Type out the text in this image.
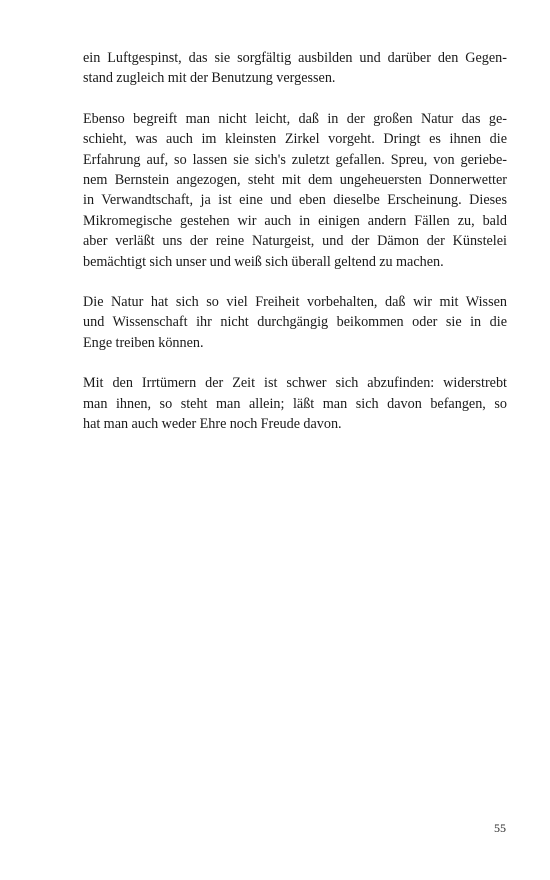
ein Luftgespinst, das sie sorgfältig ausbilden und darüber den Gegen-
stand zugleich mit der Benutzung vergessen.
Ebenso begreift man nicht leicht, daß in der großen Natur das ge-
schieht, was auch im kleinsten Zirkel vorgeht. Dringt es ihnen die
Erfahrung auf, so lassen sie sich's zuletzt gefallen. Spreu, von geriebe-
nem Bernstein angezogen, steht mit dem ungeheuersten Donnerwetter
in Verwandtschaft, ja ist eine und eben dieselbe Erscheinung. Dieses
Mikromegische gestehen wir auch in einigen andern Fällen zu, bald
aber verläßt uns der reine Naturgeist, und der Dämon der Künstelei
bemächtigt sich unser und weiß sich überall geltend zu machen.
Die Natur hat sich so viel Freiheit vorbehalten, daß wir mit Wissen
und Wissenschaft ihr nicht durchgängig beikommen oder sie in die
Enge treiben können.
Mit den Irrtümern der Zeit ist schwer sich abzufinden: widerstrebt
man ihnen, so steht man allein; läßt man sich davon befangen, so
hat man auch weder Ehre noch Freude davon.
55
